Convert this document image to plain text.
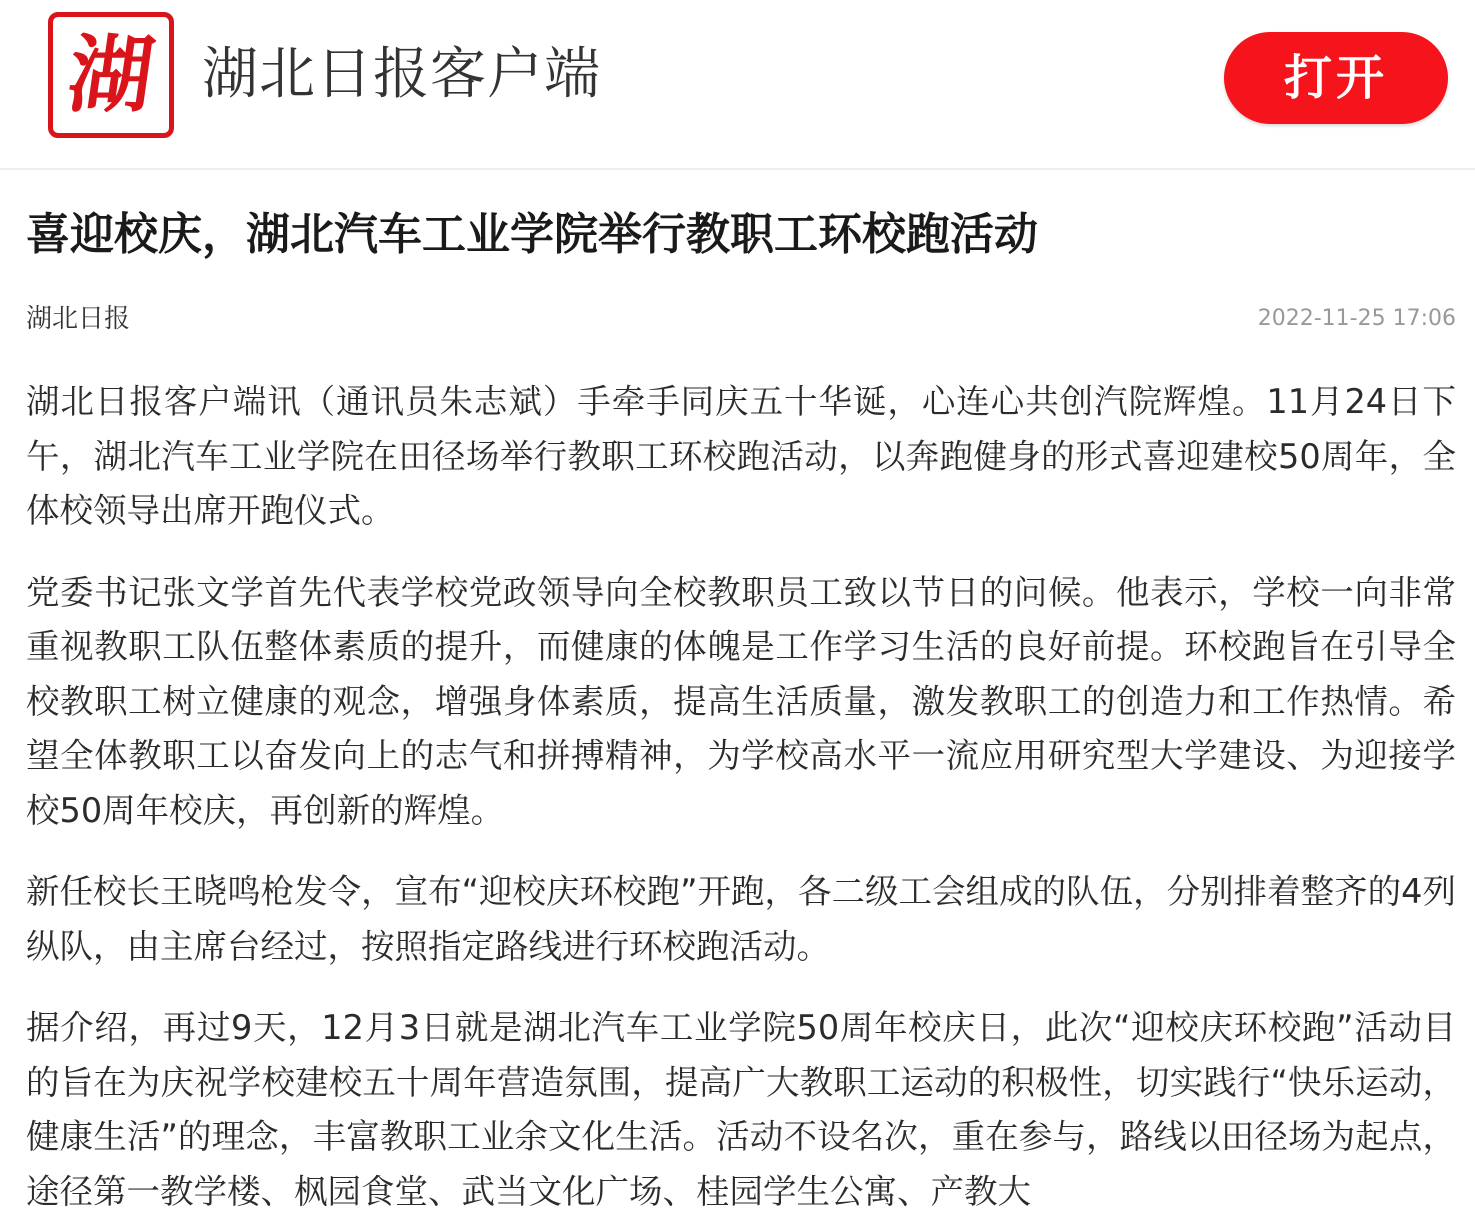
湖 湖北日报客户端	打开
喜迎校庆，湖北汽车工业学院举行教职工环校跑活动
湖北日报	2022-11-25 17:06

湖北日报客户端讯（通讯员朱志斌）手牵手同庆五十华诞，心连心共创汽院辉煌。11月24日下午，湖北汽车工业学院在田径场举行教职工环校跑活动，以奔跑健身的形式喜迎建校50周年，全体校领导出席开跑仪式。

党委书记张文学首先代表学校党政领导向全校教职员工致以节日的问候。他表示，学校一向非常重视教职工队伍整体素质的提升，而健康的体魄是工作学习生活的良好前提。环校跑旨在引导全校教职工树立健康的观念，增强身体素质，提高生活质量，激发教职工的创造力和工作热情。希望全体教职工以奋发向上的志气和拼搏精神，为学校高水平一流应用研究型大学建设、为迎接学校50周年校庆，再创新的辉煌。

新任校长王晓鸣枪发令，宣布“迎校庆环校跑”开跑，各二级工会组成的队伍，分别排着整齐的4列纵队，由主席台经过，按照指定路线进行环校跑活动。

据介绍，再过9天，12月3日就是湖北汽车工业学院50周年校庆日，此次“迎校庆环校跑”活动目的旨在为庆祝学校建校五十周年营造氛围，提高广大教职工运动的积极性，切实践行“快乐运动，健康生活”的理念，丰富教职工业余文化生活。活动不设名次，重在参与，路线以田径场为起点，途径第一教学楼、枫园食堂、武当文化广场、桂园学生公寓、产教大
